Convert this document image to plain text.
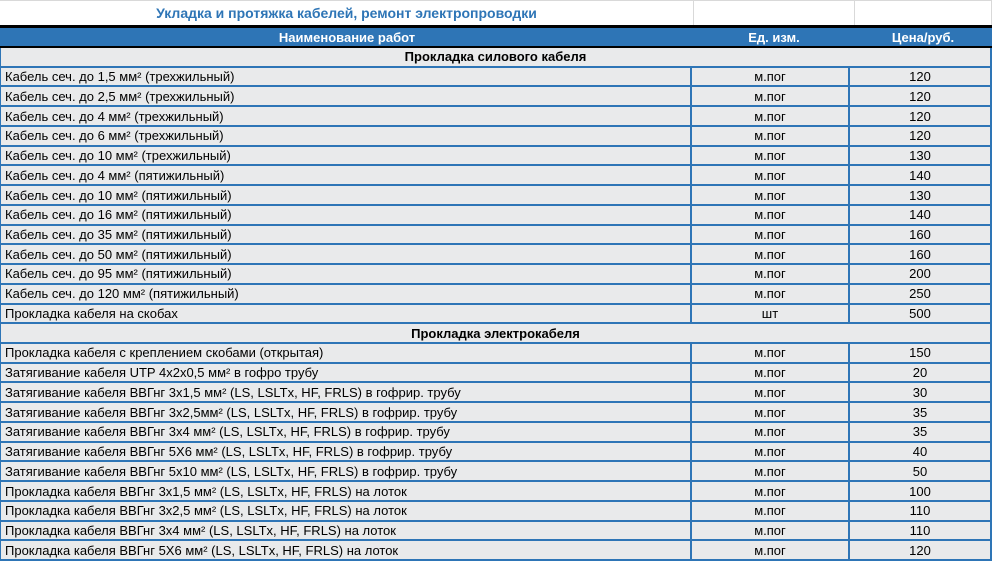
Укладка и протяжка кабелей, ремонт электропроводки
Наименование работ	Ед. изм.	Цена/руб.
Прокладка силового кабеля
Кабель сеч. до 1,5 мм² (трехжильный)	м.пог	120
Кабель сеч. до 2,5 мм² (трехжильный)	м.пог	120
Кабель сеч. до 4 мм² (трехжильный)	м.пог	120
Кабель сеч. до 6 мм² (трехжильный)	м.пог	120
Кабель сеч. до 10 мм² (трехжильный)	м.пог	130
Кабель сеч. до 4 мм² (пятижильный)	м.пог	140
Кабель сеч. до 10 мм² (пятижильный)	м.пог	130
Кабель сеч. до 16 мм² (пятижильный)	м.пог	140
Кабель сеч. до 35 мм² (пятижильный)	м.пог	160
Кабель сеч. до 50 мм² (пятижильный)	м.пог	160
Кабель сеч. до 95 мм² (пятижильный)	м.пог	200
Кабель сеч. до 120 мм² (пятижильный)	м.пог	250
Прокладка кабеля на скобах	шт	500
Прокладка электрокабеля
Прокладка кабеля с креплением скобами (открытая)	м.пог	150
Затягивание кабеля UTP 4х2х0,5 мм² в гофро трубу	м.пог	20
Затягивание кабеля ВВГнг 3х1,5 мм² (LS, LSLTx, HF, FRLS) в гофрир. трубу	м.пог	30
Затягивание кабеля ВВГнг 3х2,5мм² (LS, LSLTx, HF, FRLS) в гофрир. трубу	м.пог	35
Затягивание кабеля ВВГнг 3х4 мм² (LS, LSLTx, HF, FRLS) в гофрир. трубу	м.пог	35
Затягивание кабеля ВВГнг 5Х6 мм² (LS, LSLTx, HF, FRLS) в гофрир. трубу	м.пог	40
Затягивание кабеля ВВГнг 5х10 мм² (LS, LSLTx, HF, FRLS) в гофрир. трубу	м.пог	50
Прокладка кабеля ВВГнг 3х1,5 мм² (LS, LSLTx, HF, FRLS) на лоток	м.пог	100
Прокладка кабеля ВВГнг 3х2,5 мм² (LS, LSLTx, HF, FRLS) на лоток	м.пог	110
Прокладка кабеля ВВГнг 3х4 мм² (LS, LSLTx, HF, FRLS) на лоток	м.пог	110
Прокладка кабеля ВВГнг 5Х6 мм² (LS, LSLTx, HF, FRLS) на лоток	м.пог	120
